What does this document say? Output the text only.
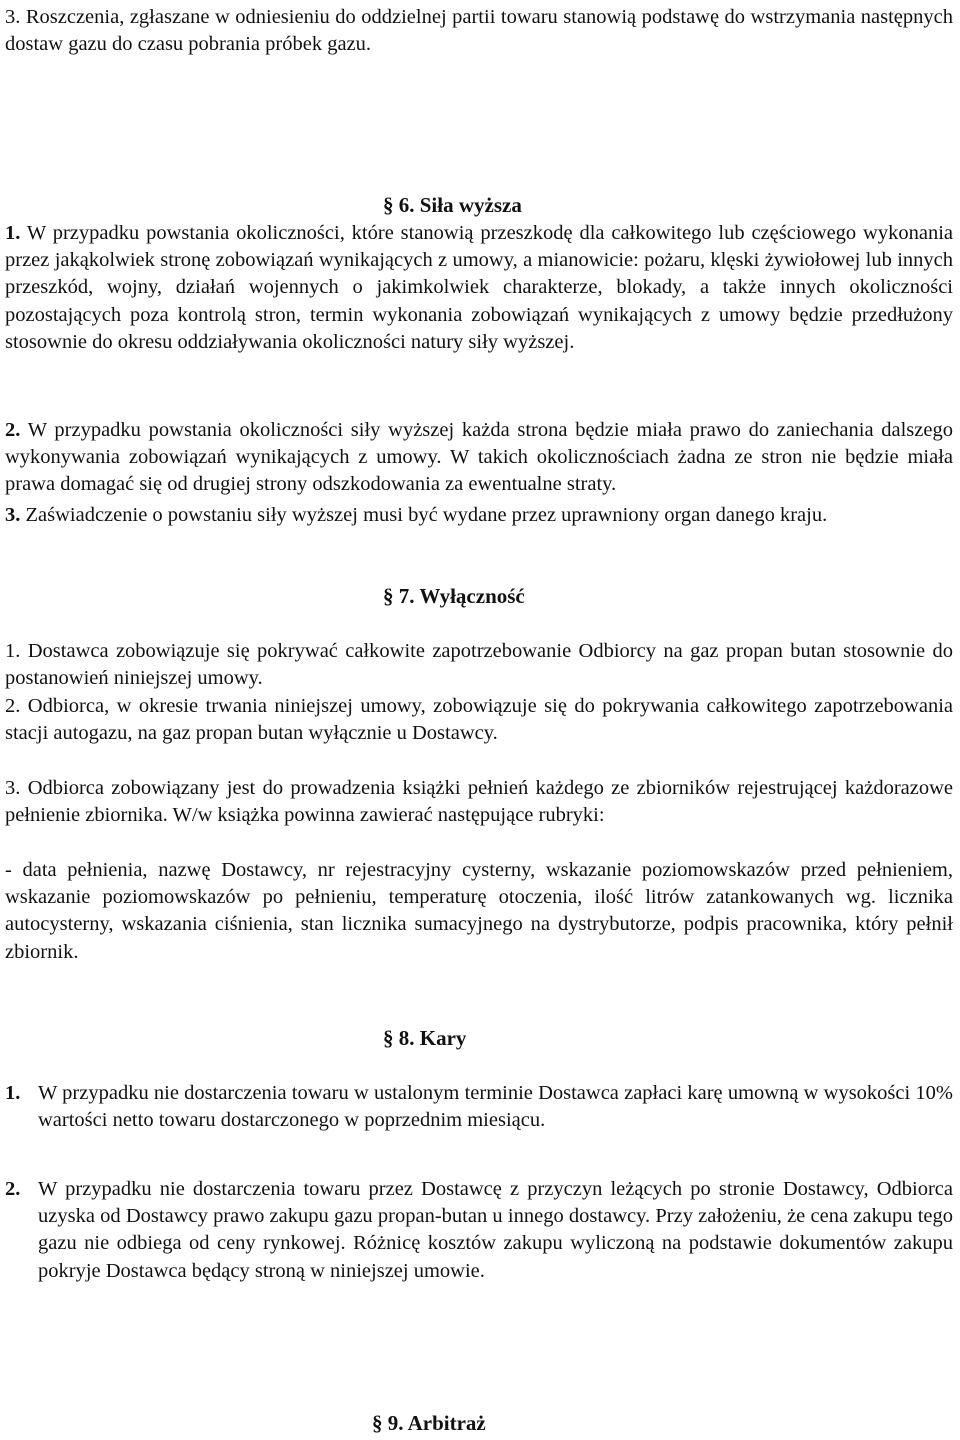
3. Roszczenia, zgłaszane w odniesieniu do oddzielnej partii towaru stanowią podstawę do wstrzymania następnych dostaw gazu do czasu pobrania próbek gazu.
§ 6. Siła wyższa
1. W przypadku powstania okoliczności, które stanowią przeszkodę dla całkowitego lub częściowego wykonania przez jakąkolwiek stronę zobowiązań wynikających z umowy, a mianowicie: pożaru, klęski żywiołowej lub innych przeszkód, wojny, działań wojennych o jakimkolwiek charakterze, blokady, a także innych okoliczności pozostających poza kontrolą stron, termin wykonania zobowiązań wynikających z umowy będzie przedłużony stosownie do okresu oddziaływania okoliczności natury siły wyższej.
2. W przypadku powstania okoliczności siły wyższej każda strona będzie miała prawo do zaniechania dalszego wykonywania zobowiązań wynikających z umowy. W takich okolicznościach żadna ze stron nie będzie miała prawa domagać się od drugiej strony odszkodowania za ewentualne straty.
3. Zaświadczenie o powstaniu siły wyższej musi być wydane przez uprawniony organ danego kraju.
§ 7. Wyłączność
1. Dostawca zobowiązuje się pokrywać całkowite zapotrzebowanie Odbiorcy na gaz propan butan stosownie do postanowień niniejszej umowy.
2. Odbiorca, w okresie trwania niniejszej umowy, zobowiązuje się do pokrywania całkowitego zapotrzebowania stacji autogazu, na gaz propan butan wyłącznie u Dostawcy.
3. Odbiorca zobowiązany jest do prowadzenia książki pełnień każdego ze zbiorników rejestrującej każdorazowe pełnienie zbiornika. W/w książka powinna zawierać następujące rubryki:
- data pełnienia, nazwę Dostawcy, nr rejestracyjny cysterny, wskazanie poziomowskazów przed pełnieniem, wskazanie poziomowskazów po pełnieniu, temperaturę otoczenia, ilość litrów zatankowanych wg. licznika autocysterny, wskazania ciśnienia, stan licznika sumacyjnego na dystrybutorze, podpis pracownika, który pełnił zbiornik.
§ 8. Kary
1. W przypadku nie dostarczenia towaru w ustalonym terminie Dostawca zapłaci karę umowną w wysokości 10% wartości netto towaru dostarczonego w poprzednim miesiącu.
2. W przypadku nie dostarczenia towaru przez Dostawcę z przyczyn leżących po stronie Dostawcy, Odbiorca uzyska od Dostawcy prawo zakupu gazu propan-butan u innego dostawcy. Przy założeniu, że cena zakupu tego gazu nie odbiega od ceny rynkowej. Różnicę kosztów zakupu wyliczoną na podstawie dokumentów zakupu pokryje Dostawca będący stroną w niniejszej umowie.
§ 9. Arbitraż
